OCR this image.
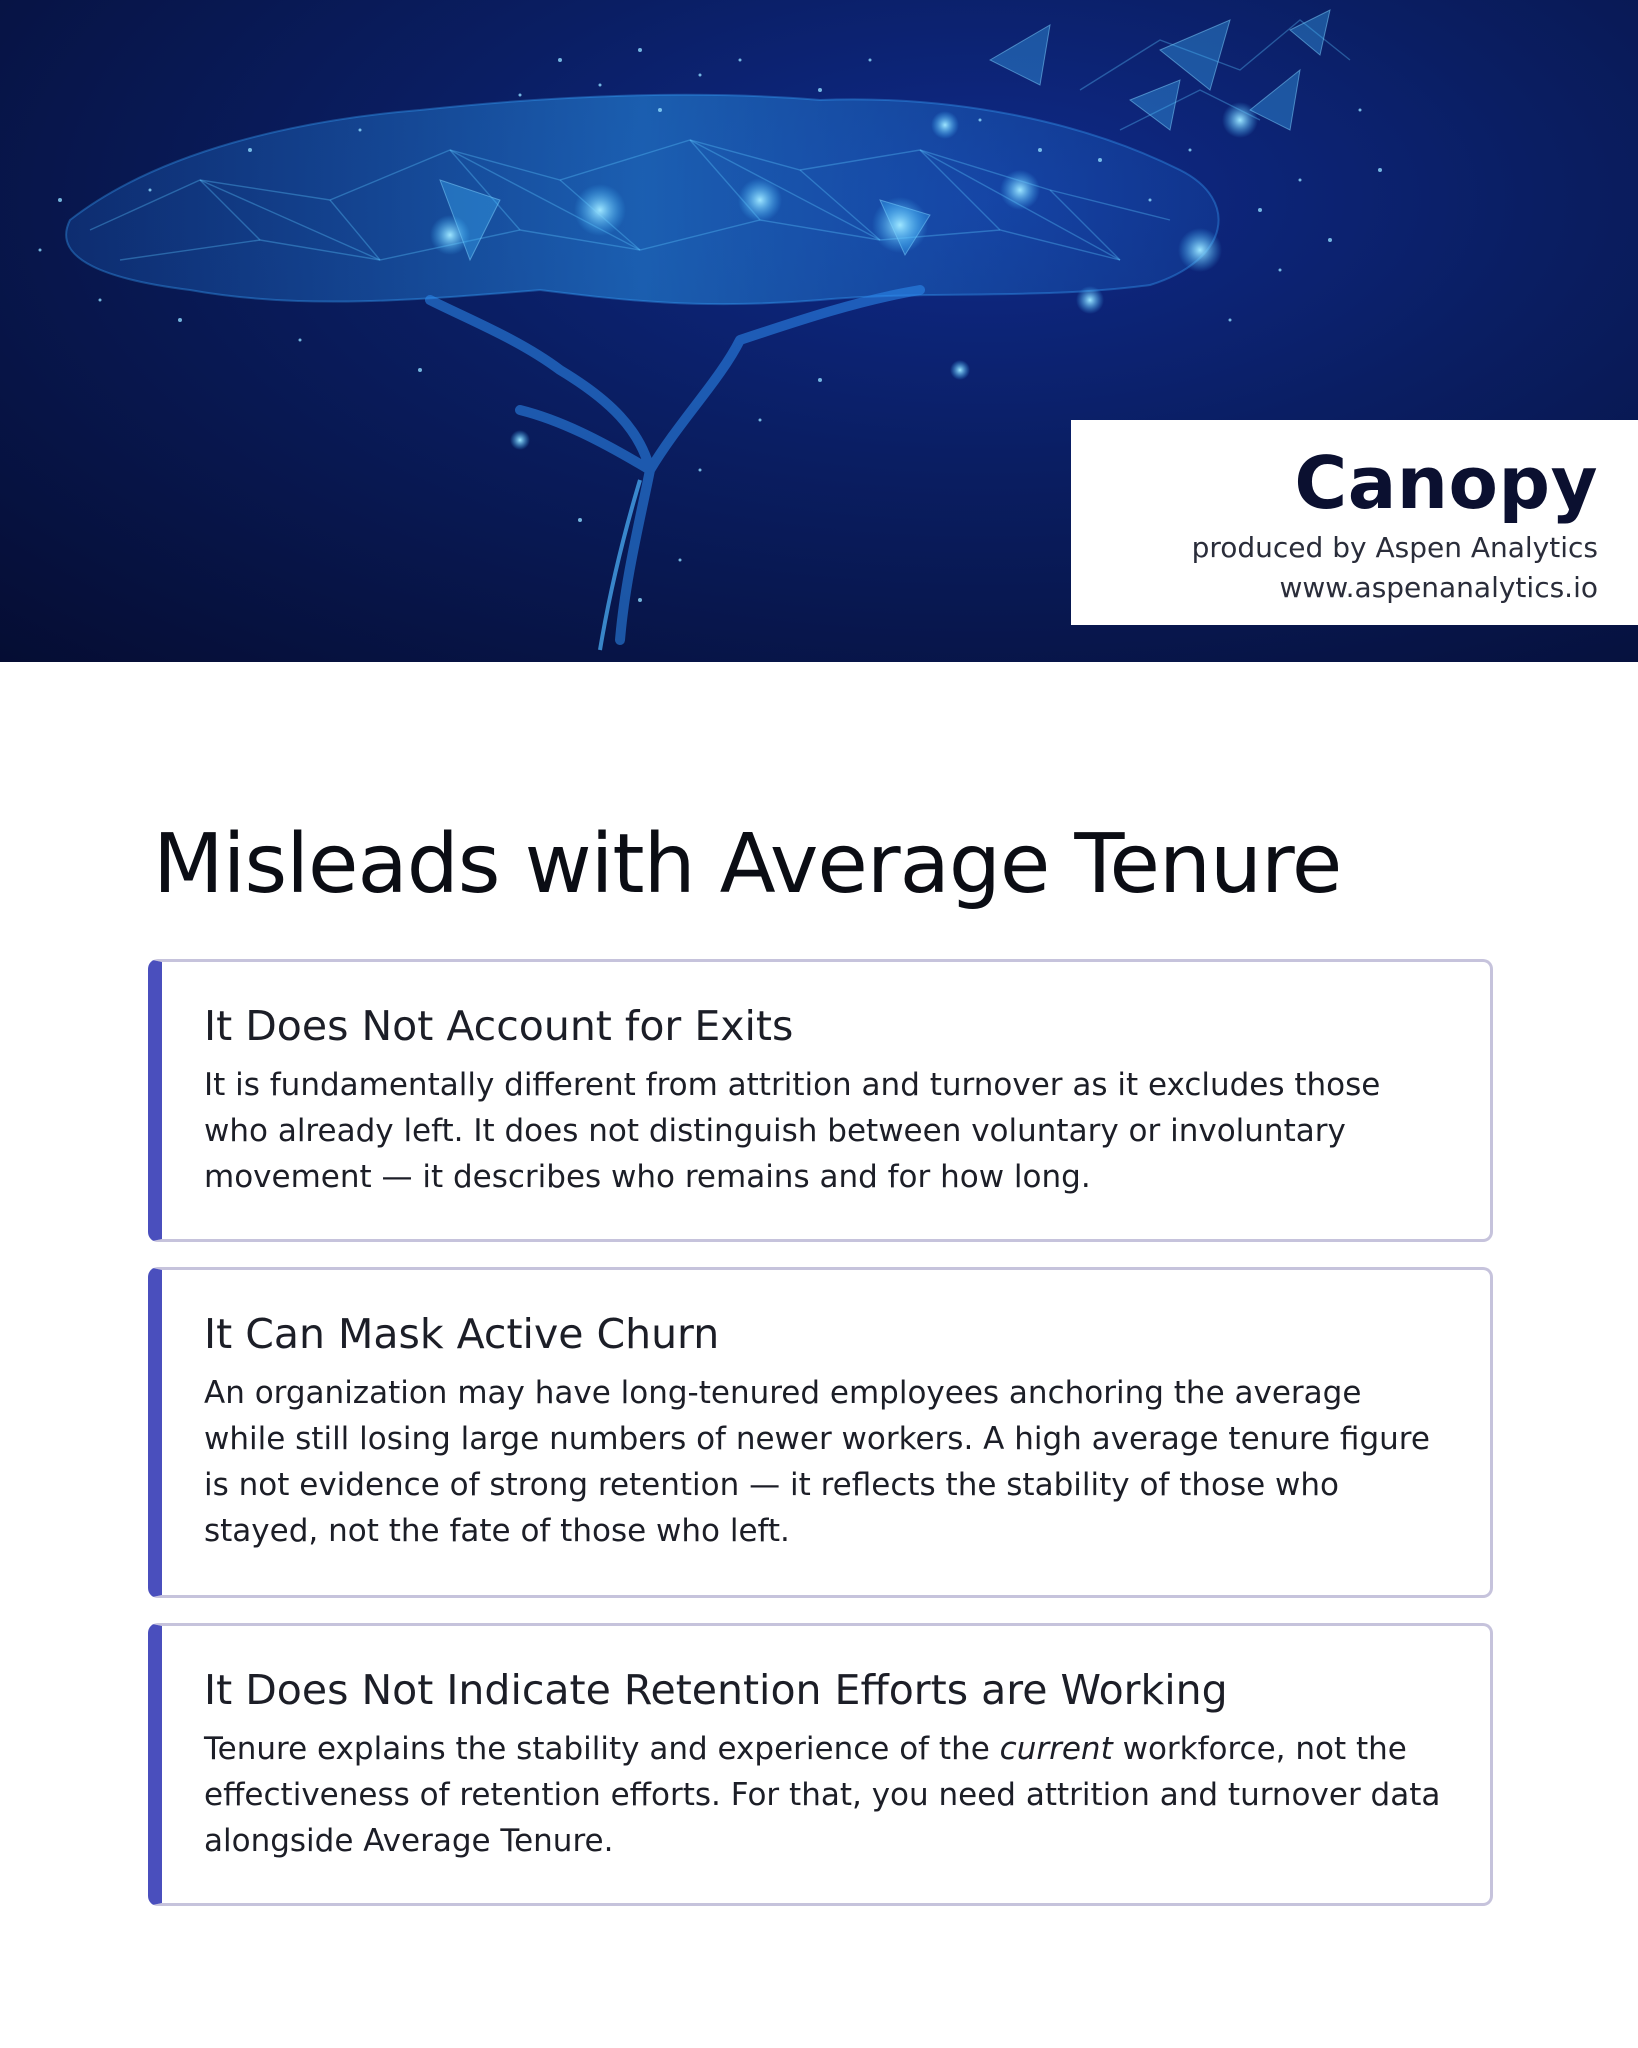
Canopy
produced by Aspen Analytics
www.aspenanalytics.io
Misleads with Average Tenure
It Does Not Account for Exits

It is fundamentally different from attrition and turnover as it excludes those who already left. It does not distinguish between voluntary or involuntary movement — it describes who remains and for how long.

It Can Mask Active Churn

An organization may have long-tenured employees anchoring the average while still losing large numbers of newer workers. A high average tenure figure is not evidence of strong retention — it reflects the stability of those who stayed, not the fate of those who left.

It Does Not Indicate Retention Efforts are Working

Tenure explains the stability and experience of the current workforce, not the effectiveness of retention efforts. For that, you need attrition and turnover data alongside Average Tenure.
